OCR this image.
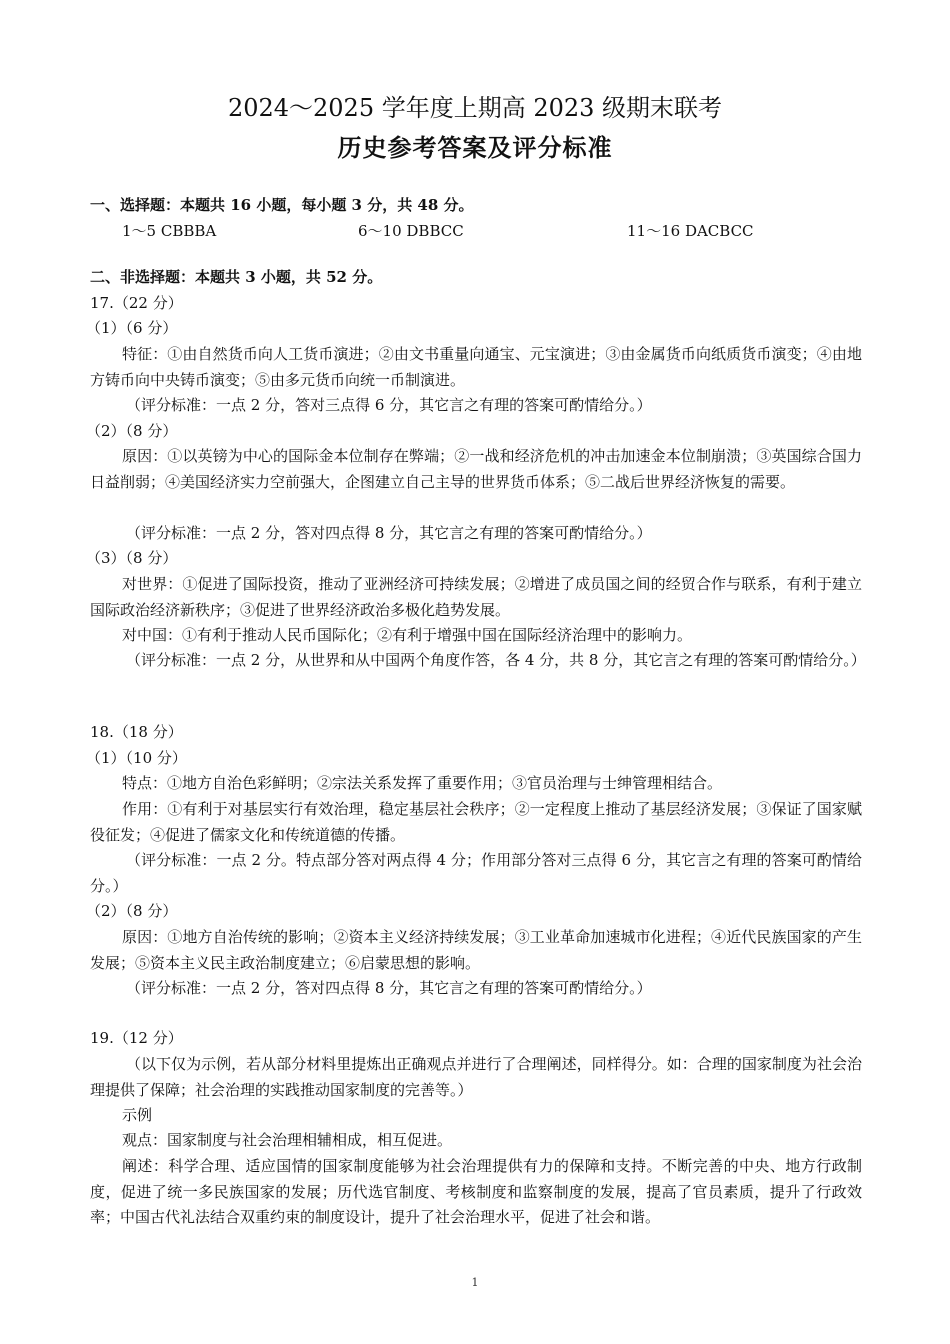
2024～2025 学年度上期高 2023 级期末联考
历史参考答案及评分标准

一、选择题：本题共 16 小题，每小题 3 分，共 48 分。

1～5 CBBBA	6～10 DBBCC	11～16 DACBCC

二、非选择题：本题共 3 小题，共 52 分。

17.（22 分）

（1）（6 分）

特征：①由自然货币向人工货币演进；②由文书重量向通宝、元宝演进；③由金属货币向纸质货币演变；④由地方铸币向中央铸币演变；⑤由多元货币向统一币制演进。

（评分标准：一点 2 分，答对三点得 6 分，其它言之有理的答案可酌情给分。）

（2）（8 分）

原因：①以英镑为中心的国际金本位制存在弊端；②一战和经济危机的冲击加速金本位制崩溃；③英国综合国力日益削弱；④美国经济实力空前强大，企图建立自己主导的世界货币体系；⑤二战后世界经济恢复的需要。

（评分标准：一点 2 分，答对四点得 8 分，其它言之有理的答案可酌情给分。）

（3）（8 分）

对世界：①促进了国际投资，推动了亚洲经济可持续发展；②增进了成员国之间的经贸合作与联系，有利于建立国际政治经济新秩序；③促进了世界经济政治多极化趋势发展。

对中国：①有利于推动人民币国际化；②有利于增强中国在国际经济治理中的影响力。

（评分标准：一点 2 分，从世界和从中国两个角度作答，各 4 分，共 8 分，其它言之有理的答案可酌情给分。）

18.（18 分）

（1）（10 分）

特点：①地方自治色彩鲜明；②宗法关系发挥了重要作用；③官员治理与士绅管理相结合。

作用：①有利于对基层实行有效治理，稳定基层社会秩序；②一定程度上推动了基层经济发展；③保证了国家赋役征发；④促进了儒家文化和传统道德的传播。

（评分标准：一点 2 分。特点部分答对两点得 4 分；作用部分答对三点得 6 分，其它言之有理的答案可酌情给分。）

（2）（8 分）

原因：①地方自治传统的影响；②资本主义经济持续发展；③工业革命加速城市化进程；④近代民族国家的产生发展；⑤资本主义民主政治制度建立；⑥启蒙思想的影响。

（评分标准：一点 2 分，答对四点得 8 分，其它言之有理的答案可酌情给分。）

19.（12 分）

（以下仅为示例，若从部分材料里提炼出正确观点并进行了合理阐述，同样得分。如：合理的国家制度为社会治理提供了保障；社会治理的实践推动国家制度的完善等。）

示例

观点：国家制度与社会治理相辅相成，相互促进。

阐述：科学合理、适应国情的国家制度能够为社会治理提供有力的保障和支持。不断完善的中央、地方行政制度，促进了统一多民族国家的发展；历代选官制度、考核制度和监察制度的发展，提高了官员素质，提升了行政效率；中国古代礼法结合双重约束的制度设计，提升了社会治理水平，促进了社会和谐。

1
